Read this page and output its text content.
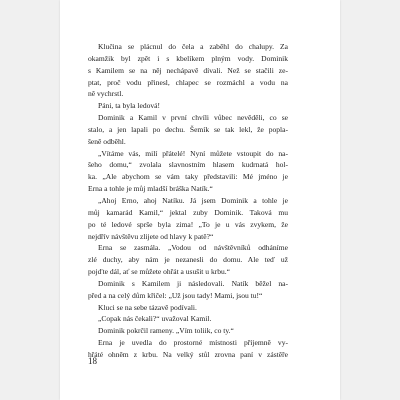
Klučina se plácnul do čela a zaběhl do chalupy. Za
okamžik byl zpět i s kbelíkem plným vody. Dominik
s Kamilem se na něj nechápavě dívali. Než se stačili ze-
ptat, proč vodu přinesl, chlapec se rozmáchl a vodu na
ně vychrstl.
Páni, ta byla ledová!
Dominik a Kamil v první chvíli vůbec nevěděli, co se
stalo, a jen lapali po dechu. Šemík se tak lekl, že popla-
šeně odběhl.
„Vítáme vás, milí přátelé! Nyní můžete vstoupit do na-
šeho domu,“ zvolala slavnostním hlasem kudrnatá hol-
ka. „Ale abychom se vám taky představili: Mé jméno je
Erna a tohle je můj mladší bráška Natík.“
„Ahoj Erno, ahoj Natíku. Já jsem Dominik a tohle je
můj kamarád Kamil,“ jektal zuby Dominik. Taková mu
po té ledové sprše byla zima! „To je u vás zvykem, že
nejdřív návštěvu zlijete od hlavy k patě?“
Erna se zasmála. „Vodou od návštěvníků odháníme
zlé duchy, aby nám je nezanesli do domu. Ale teď už
pojďte dál, ať se můžete ohřát a usušit u krbu.“
Dominik s Kamilem ji následovali. Natík běžel na-
před a na celý dům křičel: „Už jsou tady! Mami, jsou tu!“
Kluci se na sebe tázavě podívali.
„Copak nás čekali?“ uvažoval Kamil.
Dominik pokrčil rameny. „Vím toliik, co ty.“
Erna je uvedla do prostorné místnosti příjemně vy-
hřáté ohněm z krbu. Na velký stůl zrovna paní v zástěře
18
